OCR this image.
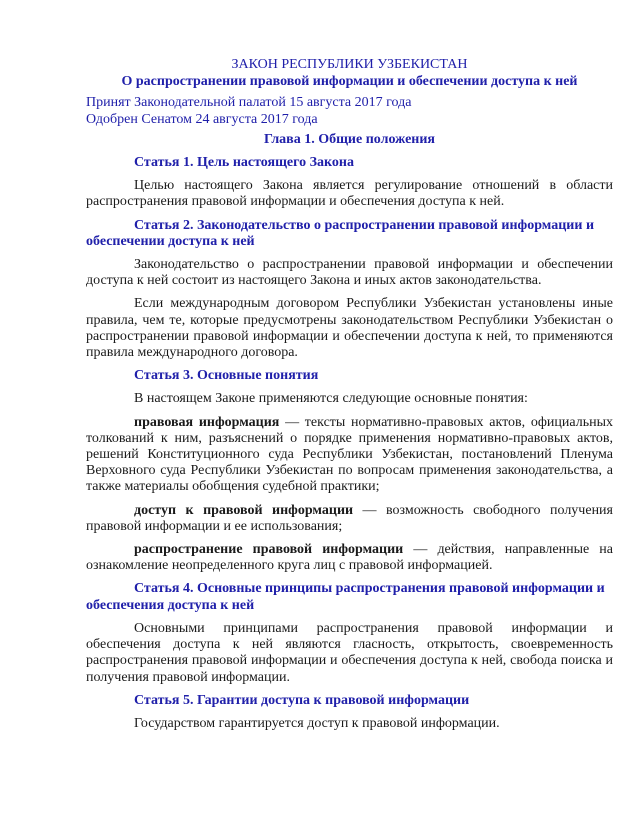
ЗАКОН РЕСПУБЛИКИ УЗБЕКИСТАН

О распространении правовой информации и обеспечении доступа к ней

Принят Законодательной палатой 15 августа 2017 года

Одобрен Сенатом 24 августа 2017 года

Глава 1. Общие положения

Статья 1. Цель настоящего Закона

Целью настоящего Закона является регулирование отношений в области распространения правовой информации и обеспечения доступа к ней.

Статья 2. Законодательство о распространении правовой информации и обеспечении доступа к ней

Законодательство о распространении правовой информации и обеспечении доступа к ней состоит из настоящего Закона и иных актов законодательства.

Если международным договором Республики Узбекистан установлены иные правила, чем те, которые предусмотрены законодательством Республики Узбекистан о распространении правовой информации и обеспечении доступа к ней, то применяются правила международного договора.

Статья 3. Основные понятия

В настоящем Законе применяются следующие основные понятия:

правовая информация — тексты нормативно-правовых актов, официальных толкований к ним, разъяснений о порядке применения нормативно-правовых актов, решений Конституционного суда Республики Узбекистан, постановлений Пленума Верховного суда Республики Узбекистан по вопросам применения законодательства, а также материалы обобщения судебной практики;

доступ к правовой информации — возможность свободного получения правовой информации и ее использования;

распространение правовой информации — действия, направленные на ознакомление неопределенного круга лиц с правовой информацией.

Статья 4. Основные принципы распространения правовой информации и обеспечения доступа к ней

Основными принципами распространения правовой информации и обеспечения доступа к ней являются гласность, открытость, своевременность распространения правовой информации и обеспечения доступа к ней, свобода поиска и получения правовой информации.

Статья 5. Гарантии доступа к правовой информации

Государством гарантируется доступ к правовой информации.
